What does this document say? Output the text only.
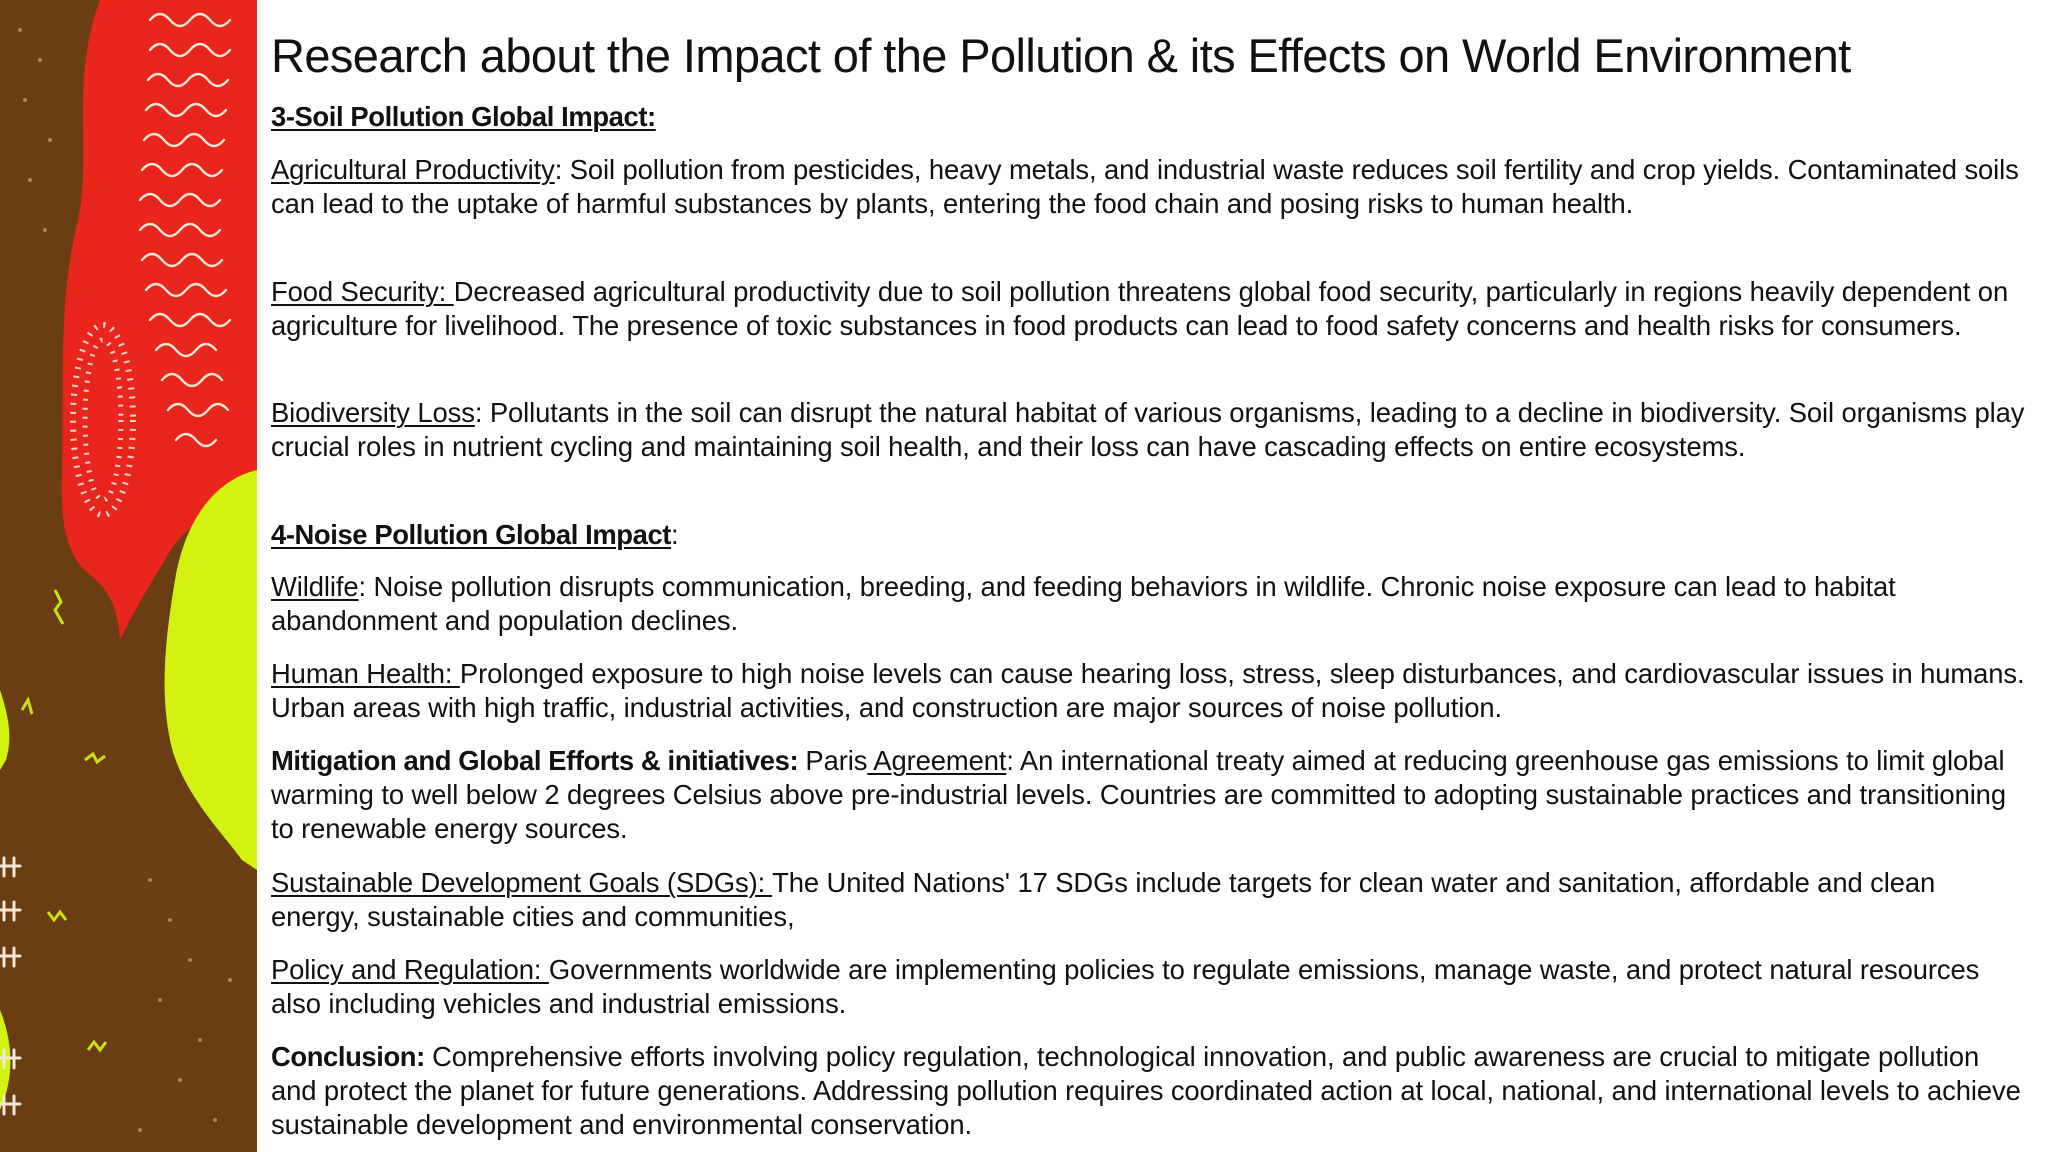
Research about the Impact of the Pollution & its Effects on World Environment

3-Soil Pollution Global Impact:

Agricultural Productivity: Soil pollution from pesticides, heavy metals, and industrial waste reduces soil fertility and crop yields. Contaminated soils can lead to the uptake of harmful substances by plants, entering the food chain and posing risks to human health.

Food Security: Decreased agricultural productivity due to soil pollution threatens global food security, particularly in regions heavily dependent on agriculture for livelihood. The presence of toxic substances in food products can lead to food safety concerns and health risks for consumers.

Biodiversity Loss: Pollutants in the soil can disrupt the natural habitat of various organisms, leading to a decline in biodiversity. Soil organisms play crucial roles in nutrient cycling and maintaining soil health, and their loss can have cascading effects on entire ecosystems.

4-Noise Pollution Global Impact:

Wildlife: Noise pollution disrupts communication, breeding, and feeding behaviors in wildlife. Chronic noise exposure can lead to habitat abandonment and population declines.

Human Health: Prolonged exposure to high noise levels can cause hearing loss, stress, sleep disturbances, and cardiovascular issues in humans. Urban areas with high traffic, industrial activities, and construction are major sources of noise pollution.

Mitigation and Global Efforts & initiatives: Paris Agreement: An international treaty aimed at reducing greenhouse gas emissions to limit global warming to well below 2 degrees Celsius above pre-industrial levels. Countries are committed to adopting sustainable practices and transitioning to renewable energy sources.

Sustainable Development Goals (SDGs): The United Nations' 17 SDGs include targets for clean water and sanitation, affordable and clean energy, sustainable cities and communities,

Policy and Regulation: Governments worldwide are implementing policies to regulate emissions, manage waste, and protect natural resources also including vehicles and industrial emissions.

Conclusion: Comprehensive efforts involving policy regulation, technological innovation, and public awareness are crucial to mitigate pollution and protect the planet for future generations. Addressing pollution requires coordinated action at local, national, and international levels to achieve sustainable development and environmental conservation.
